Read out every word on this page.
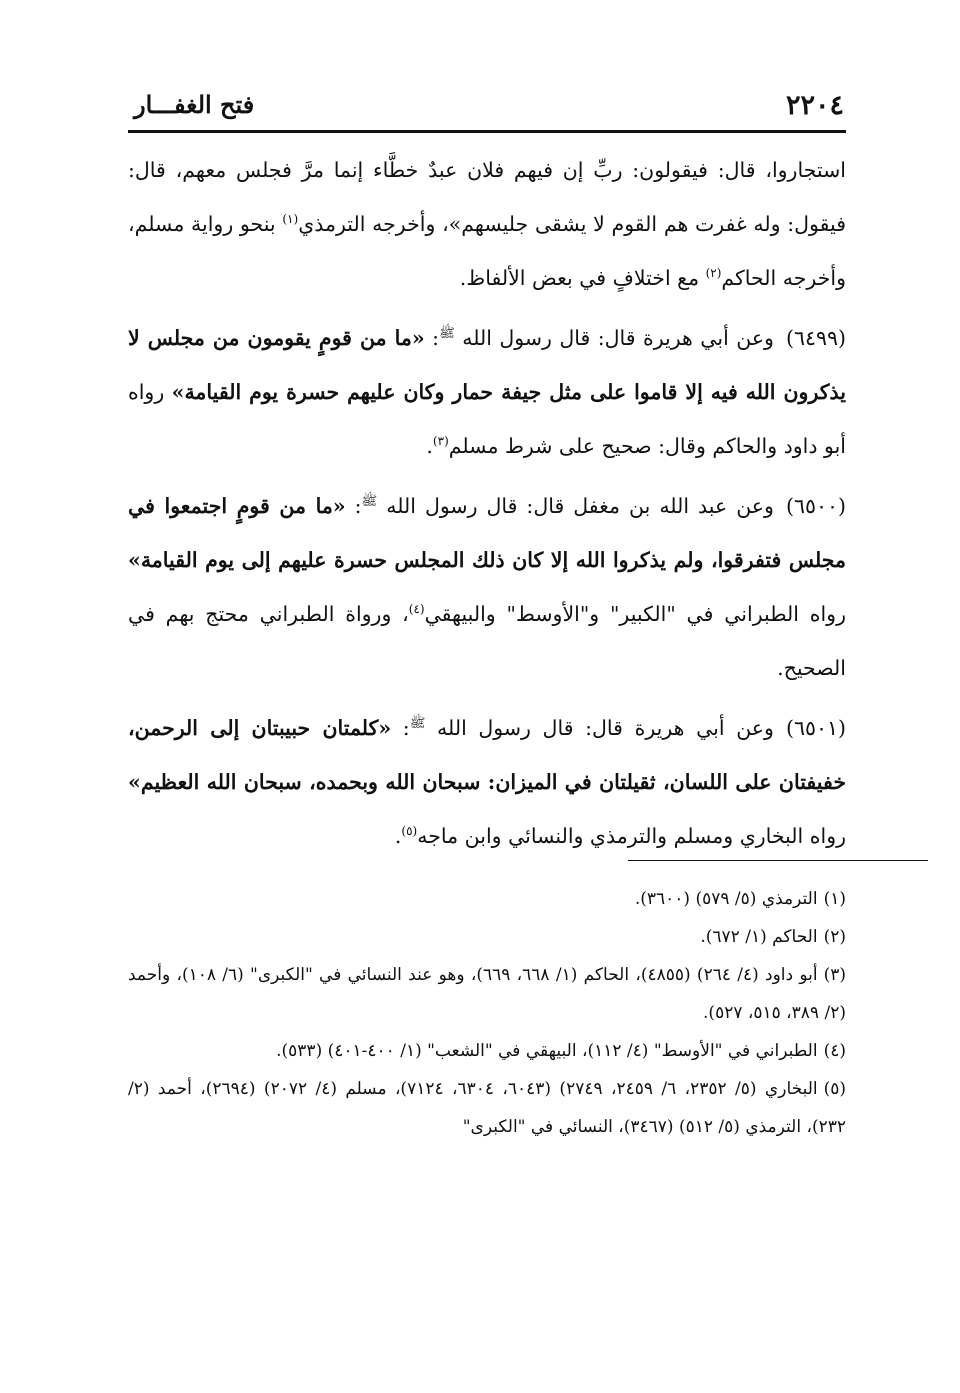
٢٢٠٤
فتح الغفـــار

استجاروا، قال: فيقولون: ربِّ إن فيهم فلان عبدٌ خطَّاء إنما مرَّ فجلس معهم، قال: فيقول: وله غفرت هم القوم لا يشقى جليسهم»، وأخرجه الترمذي$^{(١)}$ بنحو رواية مسلم، وأخرجه الحاكم$^{(٢)}$ مع اختلافٍ في بعض الألفاظ.

(٦٤٩٩)وعن أبي هريرة قال: قال رسول الله $^ﷺ$: «ما من قومٍ يقومون من مجلس لا يذكرون الله فيه إلا قاموا على مثل جيفة حمار وكان عليهم حسرة يوم القيامة» رواه أبو داود والحاكم وقال: صحيح على شرط مسلم$^{(٣)}$.

(٦٥٠٠)وعن عبد الله بن مغفل قال: قال رسول الله $^ﷺ$: «ما من قومٍ اجتمعوا في مجلس فتفرقوا، ولم يذكروا الله إلا كان ذلك المجلس حسرة عليهم إلى يوم القيامة» رواه الطبراني في "الكبير" و"الأوسط" والبيهقي$^{(٤)}$، ورواة الطبراني محتج بهم في الصحيح.

(٦٥٠١)وعن أبي هريرة قال: قال رسول الله $^ﷺ$: «كلمتان حبيبتان إلى الرحمن، خفيفتان على اللسان، ثقيلتان في الميزان: سبحان الله وبحمده، سبحان الله العظيم» رواه البخاري ومسلم والترمذي والنسائي وابن ماجه$^{(٥)}$.

(١)الترمذي (٥/ ٥٧٩) (٣٦٠٠).

(٢)الحاكم (١/ ٦٧٢).

(٣)أبو داود (٤/ ٢٦٤) (٤٨٥٥)، الحاكم (١/ ٦٦٨، ٦٦٩)، وهو عند النسائي في "الكبرى" (٦/ ١٠٨)، وأحمد (٢/ ٣٨٩، ٥١٥، ٥٢٧).

(٤)الطبراني في "الأوسط" (٤/ ١١٢)، البيهقي في "الشعب" (١/ ٤٠٠-٤٠١) (٥٣٣).

(٥)البخاري (٥/ ٢٣٥٢، ٦/ ٢٤٥٩، ٢٧٤٩) (٦٠٤٣، ٦٣٠٤، ٧١٢٤)، مسلم (٤/ ٢٠٧٢) (٢٦٩٤)، أحمد (٢/ ٢٣٢)، الترمذي (٥/ ٥١٢) (٣٤٦٧)، النسائي في "الكبرى"
